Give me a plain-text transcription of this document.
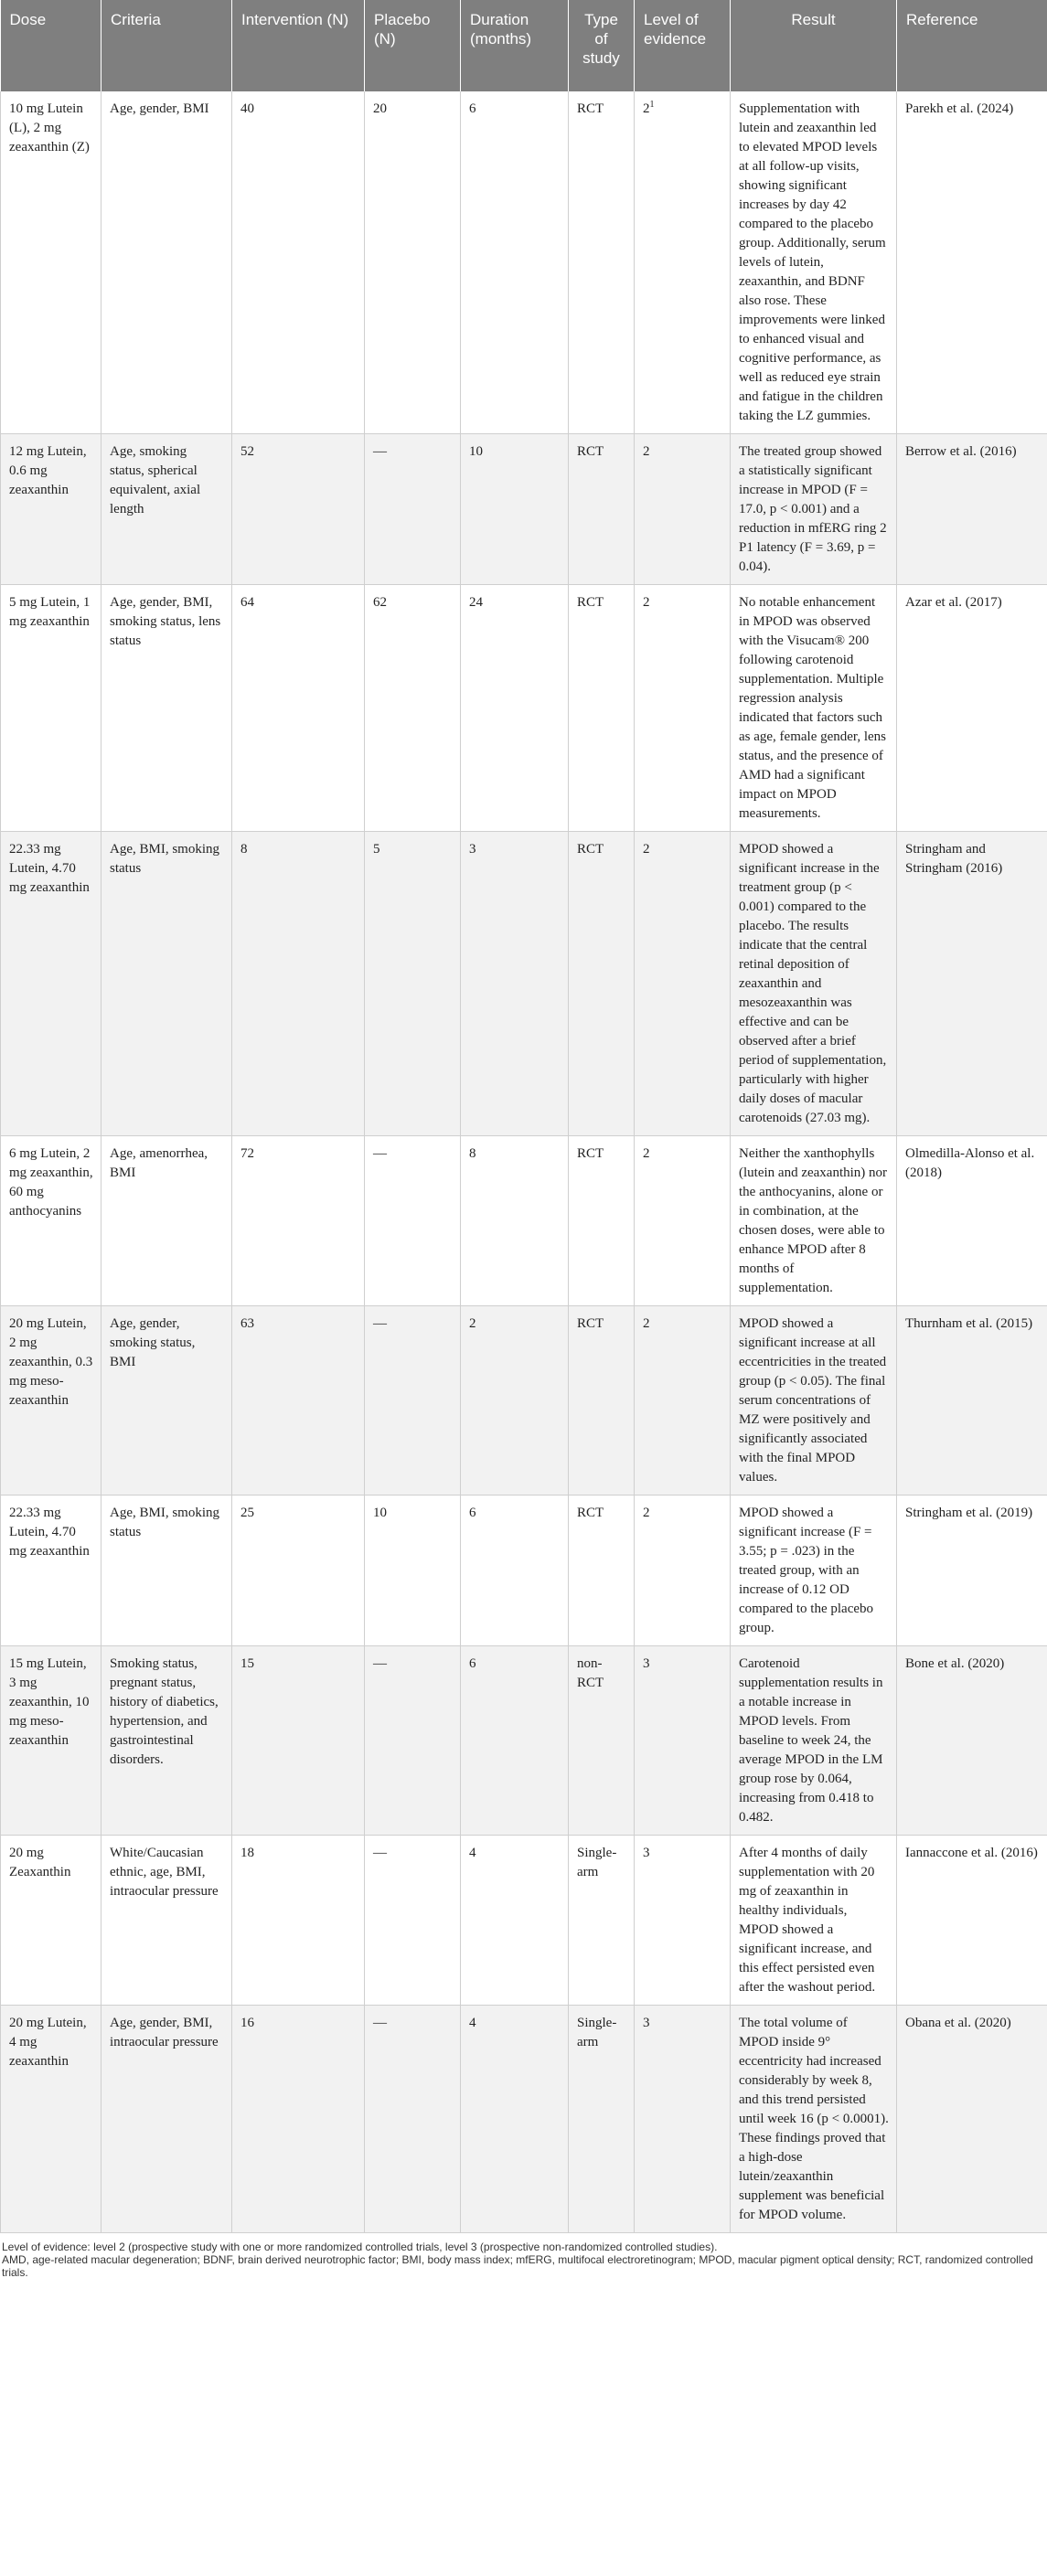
Dose	Criteria	Intervention (N)	Placebo (N)	Duration (months)	Type of study	Level of evidence	Result	Reference
10 mg Lutein (L), 2 mg zeaxanthin (Z)	Age, gender, BMI	40	20	6	RCT	$2^1$	Supplementation with lutein and zeaxanthin led to elevated MPOD levels at all follow-up visits, showing significant increases by day 42 compared to the placebo group. Additionally, serum levels of lutein, zeaxanthin, and BDNF also rose. These improvements were linked to enhanced visual and cognitive performance, as well as reduced eye strain and fatigue in the children taking the LZ gummies.	Parekh et al. (2024)
12 mg Lutein, 0.6 mg zeaxanthin	Age, smoking status, spherical equivalent, axial length	52	—	10	RCT	2	The treated group showed a statistically significant increase in MPOD (F = 17.0, p < 0.001) and a reduction in mfERG ring 2 P1 latency (F = 3.69, p = 0.04).	Berrow et al. (2016)
5 mg Lutein, 1 mg zeaxanthin	Age, gender, BMI, smoking status, lens status	64	62	24	RCT	2	No notable enhancement in MPOD was observed with the Visucam® 200 following carotenoid supplementation. Multiple regression analysis indicated that factors such as age, female gender, lens status, and the presence of AMD had a significant impact on MPOD measurements.	Azar et al. (2017)
22.33 mg Lutein, 4.70 mg zeaxanthin	Age, BMI, smoking status	8	5	3	RCT	2	MPOD showed a significant increase in the treatment group (p < 0.001) compared to the placebo. The results indicate that the central retinal deposition of zeaxanthin and mesozeaxanthin was effective and can be observed after a brief period of supplementation, particularly with higher daily doses of macular carotenoids (27.03 mg).	Stringham and Stringham (2016)
6 mg Lutein, 2 mg zeaxanthin, 60 mg anthocyanins	Age, amenorrhea, BMI	72	—	8	RCT	2	Neither the xanthophylls (lutein and zeaxanthin) nor the anthocyanins, alone or in combination, at the chosen doses, were able to enhance MPOD after 8 months of supplementation.	Olmedilla-Alonso et al. (2018)
20 mg Lutein, 2 mg zeaxanthin, 0.3 mg meso-zeaxanthin	Age, gender, smoking status, BMI	63	—	2	RCT	2	MPOD showed a significant increase at all eccentricities in the treated group (p < 0.05). The final serum concentrations of MZ were positively and significantly associated with the final MPOD values.	Thurnham et al. (2015)
22.33 mg Lutein, 4.70 mg zeaxanthin	Age, BMI, smoking status	25	10	6	RCT	2	MPOD showed a significant increase (F = 3.55; p = .023) in the treated group, with an increase of 0.12 OD compared to the placebo group.	Stringham et al. (2019)
15 mg Lutein, 3 mg zeaxanthin, 10 mg meso-zeaxanthin	Smoking status, pregnant status, history of diabetics, hypertension, and gastrointestinal disorders.	15	—	6	non-RCT	3	Carotenoid supplementation results in a notable increase in MPOD levels. From baseline to week 24, the average MPOD in the LM group rose by 0.064, increasing from 0.418 to 0.482.	Bone et al. (2020)
20 mg Zeaxanthin	White/Caucasian ethnic, age, BMI, intraocular pressure	18	—	4	Single-arm	3	After 4 months of daily supplementation with 20 mg of zeaxanthin in healthy individuals, MPOD showed a significant increase, and this effect persisted even after the washout period.	Iannaccone et al. (2016)
20 mg Lutein, 4 mg zeaxanthin	Age, gender, BMI, intraocular pressure	16	—	4	Single-arm	3	The total volume of MPOD inside 9° eccentricity had increased considerably by week 8, and this trend persisted until week 16 (p < 0.0001). These findings proved that a high-dose lutein/zeaxanthin supplement was beneficial for MPOD volume.	Obana et al. (2020)

Level of evidence: level 2 (prospective study with one or more randomized controlled trials, level 3 (prospective non-randomized controlled studies).

AMD, age-related macular degeneration; BDNF, brain derived neurotrophic factor; BMI, body mass index; mfERG, multifocal electroretinogram; MPOD, macular pigment optical density; RCT, randomized controlled trials.
